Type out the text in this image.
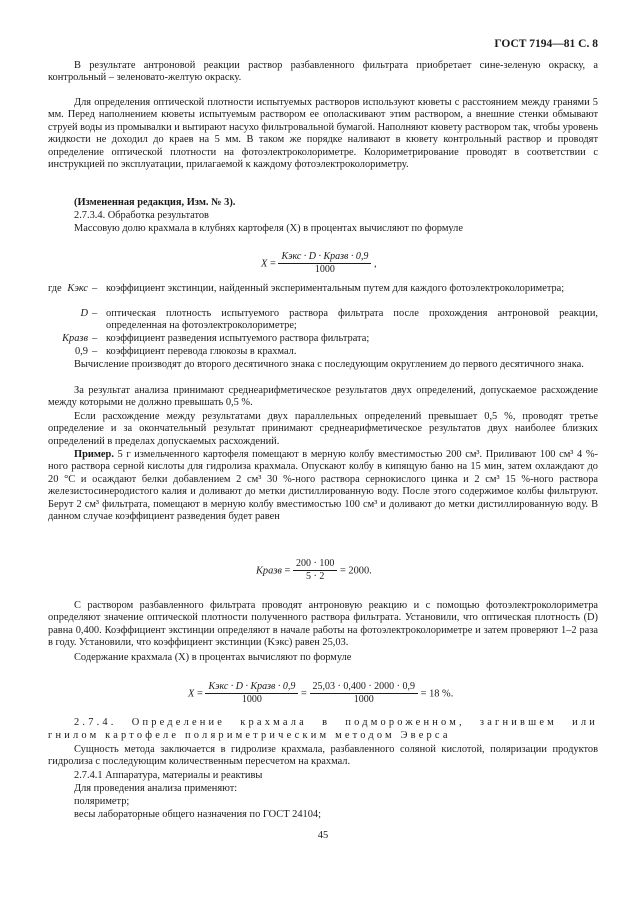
ГОСТ 7194—81 С. 8
В результате антроновой реакции раствор разбавленного фильтрата приобретает сине-зеленую окраску, а контрольный – зеленовато-желтую окраску.
Для определения оптической плотности испытуемых растворов используют кюветы с расстоянием между гранями 5 мм. Перед наполнением кюветы испытуемым раствором ее ополаскивают этим раствором, а внешние стенки обмывают струей воды из промывалки и вытирают насухо фильтровальной бумагой. Наполняют кювету раствором так, чтобы уровень жидкости не доходил до краев на 5 мм. В таком же порядке наливают в кювету контрольный раствор и проводят определение оптической плотности на фотоэлектроколориметре. Колориметрирование проводят в соответствии с инструкцией по эксплуатации, прилагаемой к каждому фотоэлектроколориметру.
(Измененная редакция, Изм. № 3).
2.7.3.4. Обработка результатов
Массовую долю крахмала в клубнях картофеля (X) в процентах вычисляют по формуле
$X = \frac{\text{Kэкс · D · Kразв · 0,9}}{1000}$ ,
где Kэкс – коэффициент экстинции, найденный экспериментальным путем для каждого фотоэлектроколориметра;
D – оптическая плотность испытуемого раствора фильтрата после прохождения антроновой реакции, определенная на фотоэлектроколориметре;
Kразв – коэффициент разведения испытуемого раствора фильтрата;
0,9 – коэффициент перевода глюкозы в крахмал.
Вычисление производят до второго десятичного знака с последующим округлением до первого десятичного знака.
За результат анализа принимают среднеарифметическое результатов двух определений, допускаемое расхождение между которыми не должно превышать 0,5 %.
Если расхождение между результатами двух параллельных определений превышает 0,5 %, проводят третье определение и за окончательный результат принимают среднеарифметическое результатов двух наиболее близких определений в пределах допускаемых расхождений.
Пример. 5 г измельченного картофеля помещают в мерную колбу вместимостью 200 см³. Приливают 100 см³ 4 %-ного раствора серной кислоты для гидролиза крахмала. Опускают колбу в кипящую баню на 15 мин, затем охлаждают до 20 °С и осаждают белки добавлением 2 см³ 30 %-ного раствора сернокислого цинка и 2 см³ 15 %-ного раствора железистосинеродистого калия и доливают до метки дистиллированную воду. После этого содержимое колбы фильтруют. Берут 2 см³ фильтрата, помещают в мерную колбу вместимостью 100 см³ и доливают до метки дистиллированную воду. В данном случае коэффициент разведения будет равен
Kразв = $\frac{200 \cdot 100}{5 \cdot 2} = 2000$.
С раствором разбавленного фильтрата проводят антроновую реакцию и с помощью фотоэлектроколориметра определяют значение оптической плотности полученного раствора фильтрата. Установили, что оптическая плотность (D) равна 0,400. Коэффициент экстинции определяют в начале работы на фотоэлектроколориметре и затем проверяют 1–2 раза в году. Установили, что коэффициент экстинции (Kэкс) равен 25,03.
Содержание крахмала (X) в процентах вычисляют по формуле
$X = \frac{\text{Kэкс · D · Kразв · 0,9}}{1000} = \frac{25,03 \cdot 0,400 \cdot 2000 \cdot 0,9}{1000} = 18$ %.
2.7.4. Определение крахмала в подмороженном, загнившем или гнилом картофеле поляриметрическим методом Эверса
Сущность метода заключается в гидролизе крахмала, разбавленного соляной кислотой, поляризации продуктов гидролиза с последующим количественным пересчетом на крахмал.
2.7.4.1 Аппаратура, материалы и реактивы
Для проведения анализа применяют:
поляриметр;
весы лабораторные общего назначения по ГОСТ 24104;
45
